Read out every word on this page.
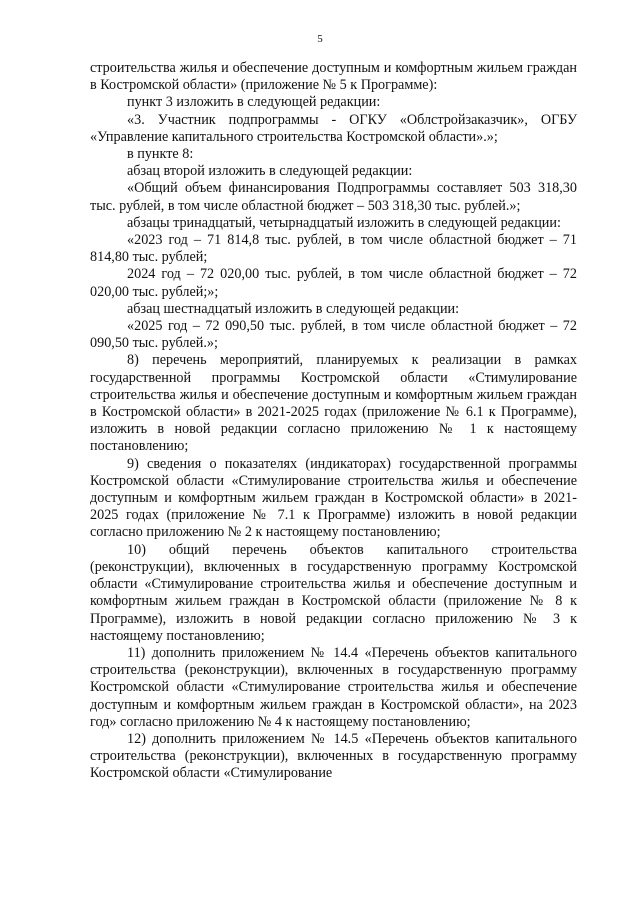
5

строительства жилья и обеспечение доступным и комфортным жильем граждан в Костромской области» (приложение № 5 к Программе):

пункт 3 изложить в следующей редакции:

«3. Участник подпрограммы - ОГКУ «Облстройзаказчик», ОГБУ «Управление капитального строительства Костромской области».»;

в пункте 8:

абзац второй изложить в следующей редакции:

«Общий объем финансирования Подпрограммы составляет 503 318,30 тыс. рублей, в том числе областной бюджет – 503 318,30 тыс. рублей.»;

абзацы тринадцатый, четырнадцатый изложить в следующей редакции:

«2023 год – 71 814,8 тыс. рублей, в том числе областной бюджет – 71 814,80 тыс. рублей;

2024 год – 72 020,00 тыс. рублей, в том числе областной бюджет – 72 020,00 тыс. рублей;»;

абзац шестнадцатый изложить в следующей редакции:

«2025 год – 72 090,50 тыс. рублей, в том числе областной бюджет – 72 090,50 тыс. рублей.»;

8) перечень мероприятий, планируемых к реализации в рамках государственной программы Костромской области «Стимулирование строительства жилья и обеспечение доступным и комфортным жильем граждан в Костромской области» в 2021-2025 годах (приложение № 6.1 к Программе), изложить в новой редакции согласно приложению № 1 к настоящему постановлению;

9) сведения о показателях (индикаторах) государственной программы Костромской области «Стимулирование строительства жилья и обеспечение доступным и комфортным жильем граждан в Костромской области» в 2021-2025 годах (приложение № 7.1 к Программе) изложить в новой редакции согласно приложению № 2 к настоящему постановлению;

10) общий перечень объектов капитального строительства (реконструкции), включенных в государственную программу Костромской области «Стимулирование строительства жилья и обеспечение доступным и комфортным жильем граждан в Костромской области (приложение № 8 к Программе), изложить в новой редакции согласно приложению № 3 к настоящему постановлению;

11) дополнить приложением № 14.4 «Перечень объектов капитального строительства (реконструкции), включенных в государственную программу Костромской области «Стимулирование строительства жилья и обеспечение доступным и комфортным жильем граждан в Костромской области», на 2023 год» согласно приложению № 4 к настоящему постановлению;

12) дополнить приложением № 14.5 «Перечень объектов капитального строительства (реконструкции), включенных в государственную программу Костромской области «Стимулирование
